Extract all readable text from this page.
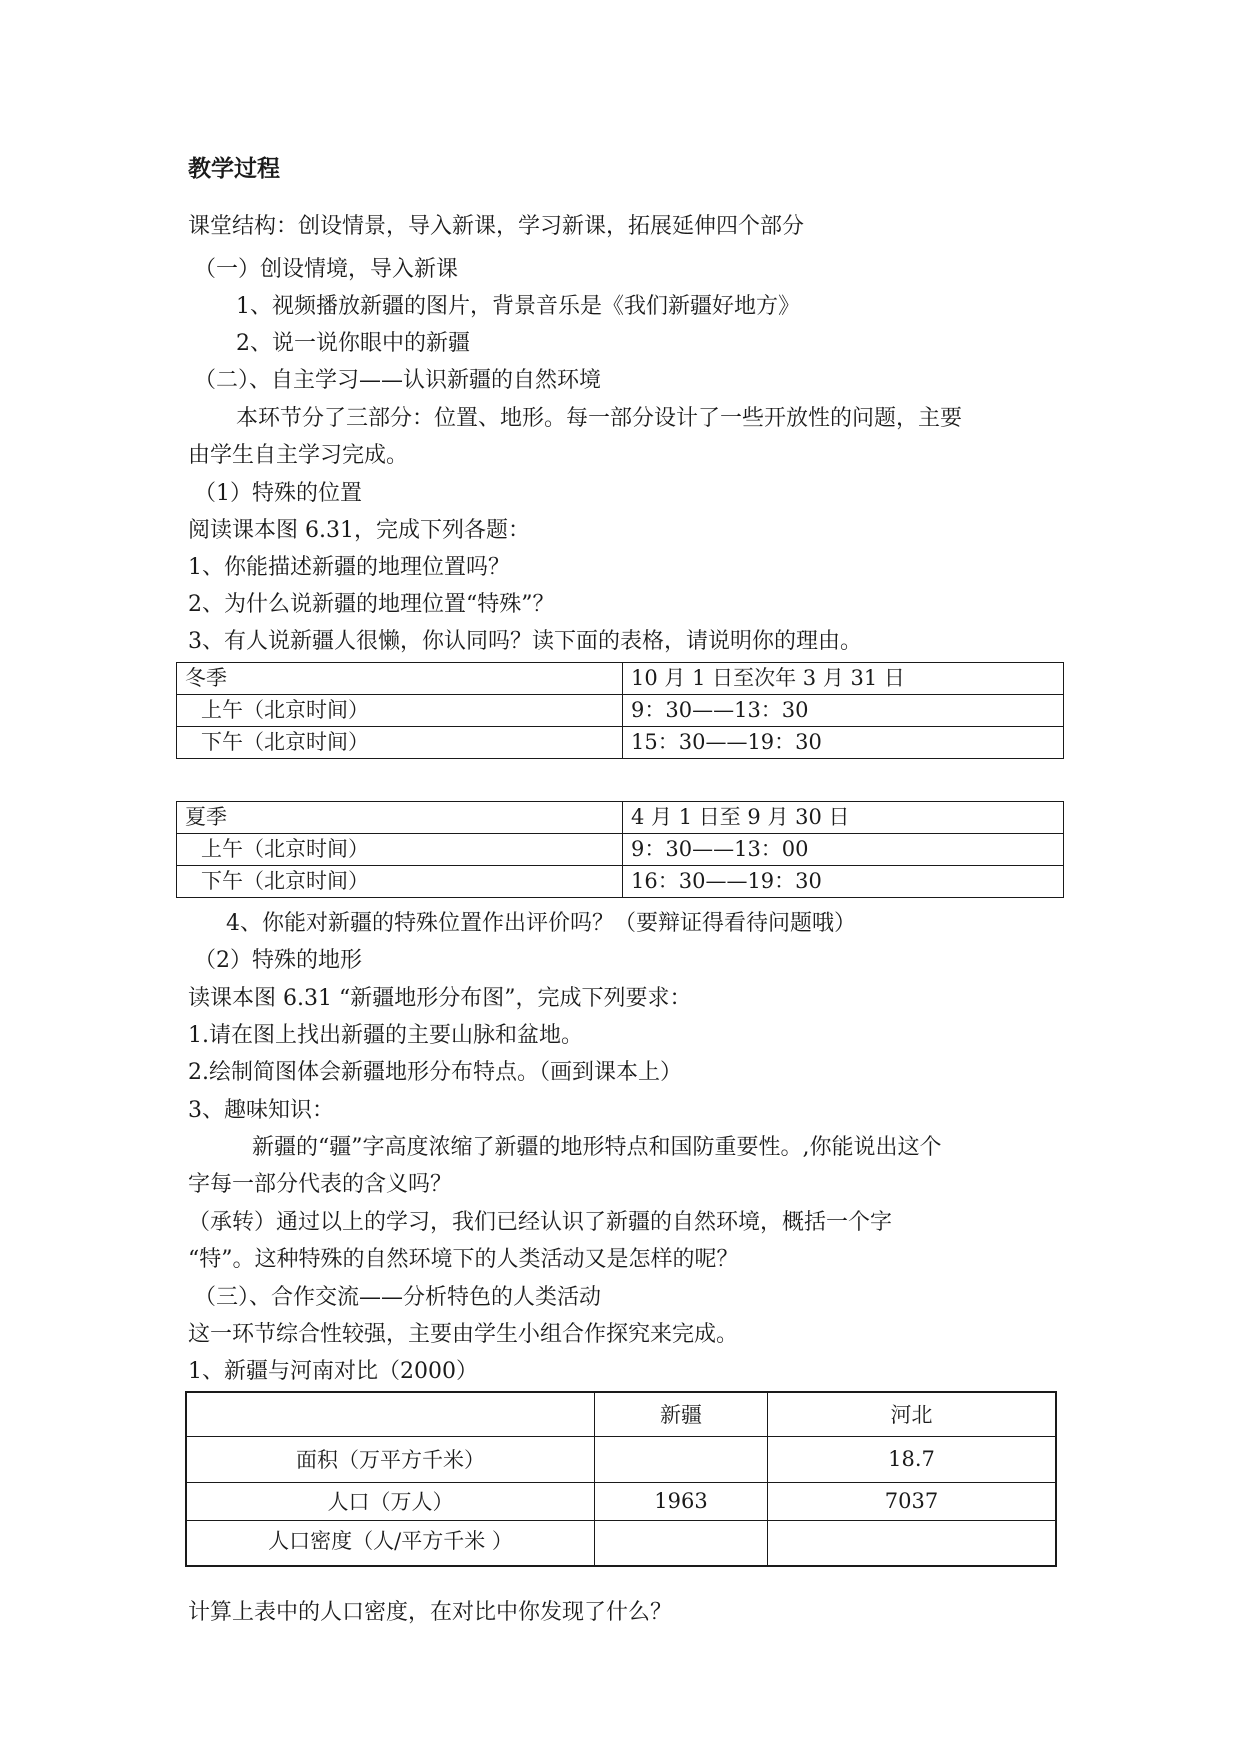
教学过程
课堂结构：创设情景，导入新课，学习新课，拓展延伸四个部分
（一）创设情境，导入新课
1、视频播放新疆的图片，背景音乐是《我们新疆好地方》
2、说一说你眼中的新疆
（二）、自主学习——认识新疆的自然环境
本环节分了三部分：位置、地形。每一部分设计了一些开放性的问题，主要
由学生自主学习完成。
（1）特殊的位置
阅读课本图 6.31，完成下列各题：
1、你能描述新疆的地理位置吗？
2、为什么说新疆的地理位置“特殊”？
3、有人说新疆人很懒，你认同吗？读下面的表格，请说明你的理由。
冬季	10 月 1 日至次年 3 月 31 日
上午（北京时间）	9：30——13：30
下午（北京时间）	15：30——19：30
夏季	4 月 1 日至 9 月 30 日
上午（北京时间）	9：30——13：00
下午（北京时间）	16：30——19：30
4、你能对新疆的特殊位置作出评价吗？（要辩证得看待问题哦）
（2）特殊的地形
读课本图 6.31 “新疆地形分布图”，完成下列要求：
1.请在图上找出新疆的主要山脉和盆地。
2.绘制简图体会新疆地形分布特点。（画到课本上）
3、趣味知识：
新疆的“疆”字高度浓缩了新疆的地形特点和国防重要性。,你能说出这个
字每一部分代表的含义吗？
（承转）通过以上的学习，我们已经认识了新疆的自然环境，概括一个字
“特”。这种特殊的自然环境下的人类活动又是怎样的呢？
（三）、合作交流——分析特色的人类活动
这一环节综合性较强，主要由学生小组合作探究来完成。
1、新疆与河南对比（2000）
	新疆	河北
面积（万平方千米）		18.7
人口（万人）	1963	7037
人口密度（人/平方千米 ）		
计算上表中的人口密度，在对比中你发现了什么？
